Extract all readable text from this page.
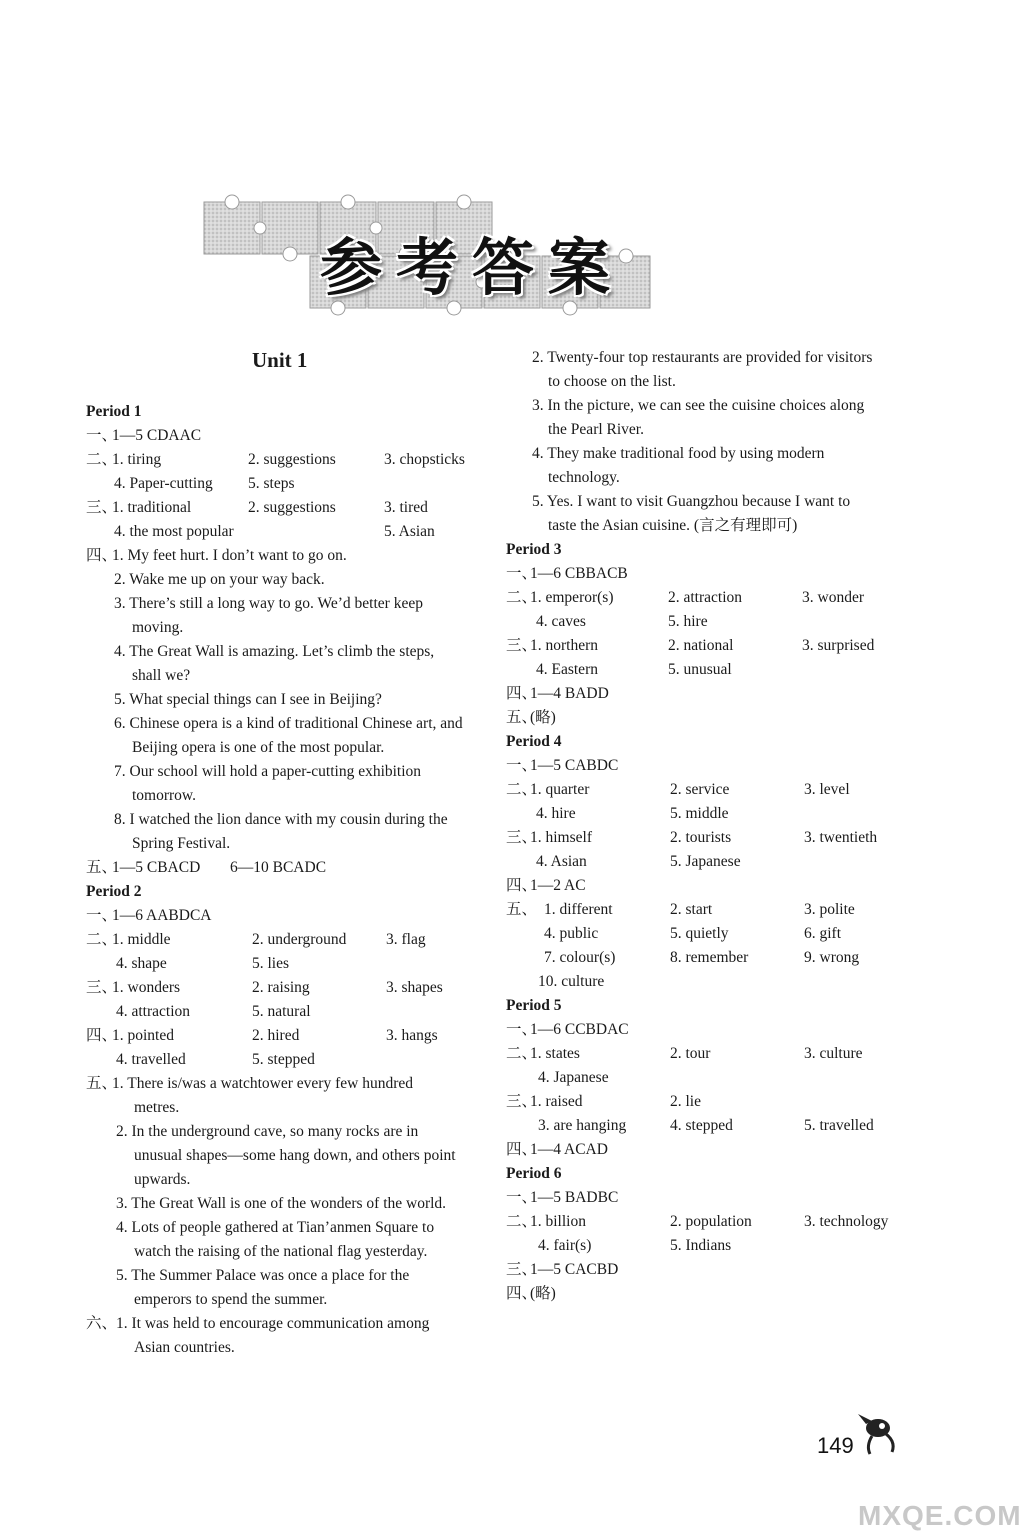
参考答案
Unit 1
Period 1
一、
1—5 CDAAC
二、
1. tiring	2. suggestions	3. chopsticks
4. Paper-cutting 5. steps
三、
1. traditional	2. suggestions	3. tired
4. the most popular	5. Asian
四、
1. My feet hurt. I don’t want to go on.
2. Wake me up on your way back.
3. There’s still a long way to go. We’d better keep
moving.
4. The Great Wall is amazing. Let’s climb the steps,
shall we?
5. What special things can I see in Beijing?
6. Chinese opera is a kind of traditional Chinese art, and
Beijing opera is one of the most popular.
7. Our school will hold a paper-cutting exhibition
tomorrow.
8. I watched the lion dance with my cousin during the
Spring Festival.
五、
1—5 CBACD 6—10 BCADC
Period 2
一、
1—6 AABDCA
二、
1. middle	2. underground	3. flag
4. shape	5. lies
三、
1. wonders	2. raising	3. shapes
4. attraction	5. natural
四、
1. pointed	2. hired	3. hangs
4. travelled	5. stepped
五、
1. There is/was a watchtower every few hundred
metres.
2. In the underground cave, so many rocks are in
unusual shapes—some hang down, and others point
upwards.
3. The Great Wall is one of the wonders of the world.
4. Lots of people gathered at Tian’anmen Square to
watch the raising of the national flag yesterday.
5. The Summer Palace was once a place for the
emperors to spend the summer.
六、
1. It was held to encourage communication among
Asian countries.
2. Twenty-four top restaurants are provided for visitors
to choose on the list.
3. In the picture, we can see the cuisine choices along
the Pearl River.
4. They make traditional food by using modern
technology.
5. Yes. I want to visit Guangzhou because I want to
taste the Asian cuisine. (言之有理即可)
Period 3
一、
1—6 CBBACB
二、
1. emperor(s)	2. attraction	3. wonder
4. caves	5. hire
三、
1. northern	2. national	3. surprised
4. Eastern	5. unusual
四、
1—4 BADD
五、
(略)
Period 4
一、
1—5 CABDC
二、
1. quarter	2. service	3. level
4. hire	5. middle
三、
1. himself	2. tourists	3. twentieth
4. Asian	5. Japanese
四、
1—2 AC
五、 1. different	2. start	3. polite
4. public	5. quietly	6. gift
7. colour(s)	8. remember	9. wrong
10. culture
Period 5
一、
1—6 CCBDAC
二、
1. states	2. tour	3. culture
4. Japanese
三、
1. raised	2. lie
3. are hanging	4. stepped	5. travelled
四、
1—4 ACAD
Period 6
一、
1—5 BADBC
二、
1. billion	2. population	3. technology
4. fair(s)	5. Indians
三、
1—5 CACBD
四、
(略)
149
MXQE.COM
